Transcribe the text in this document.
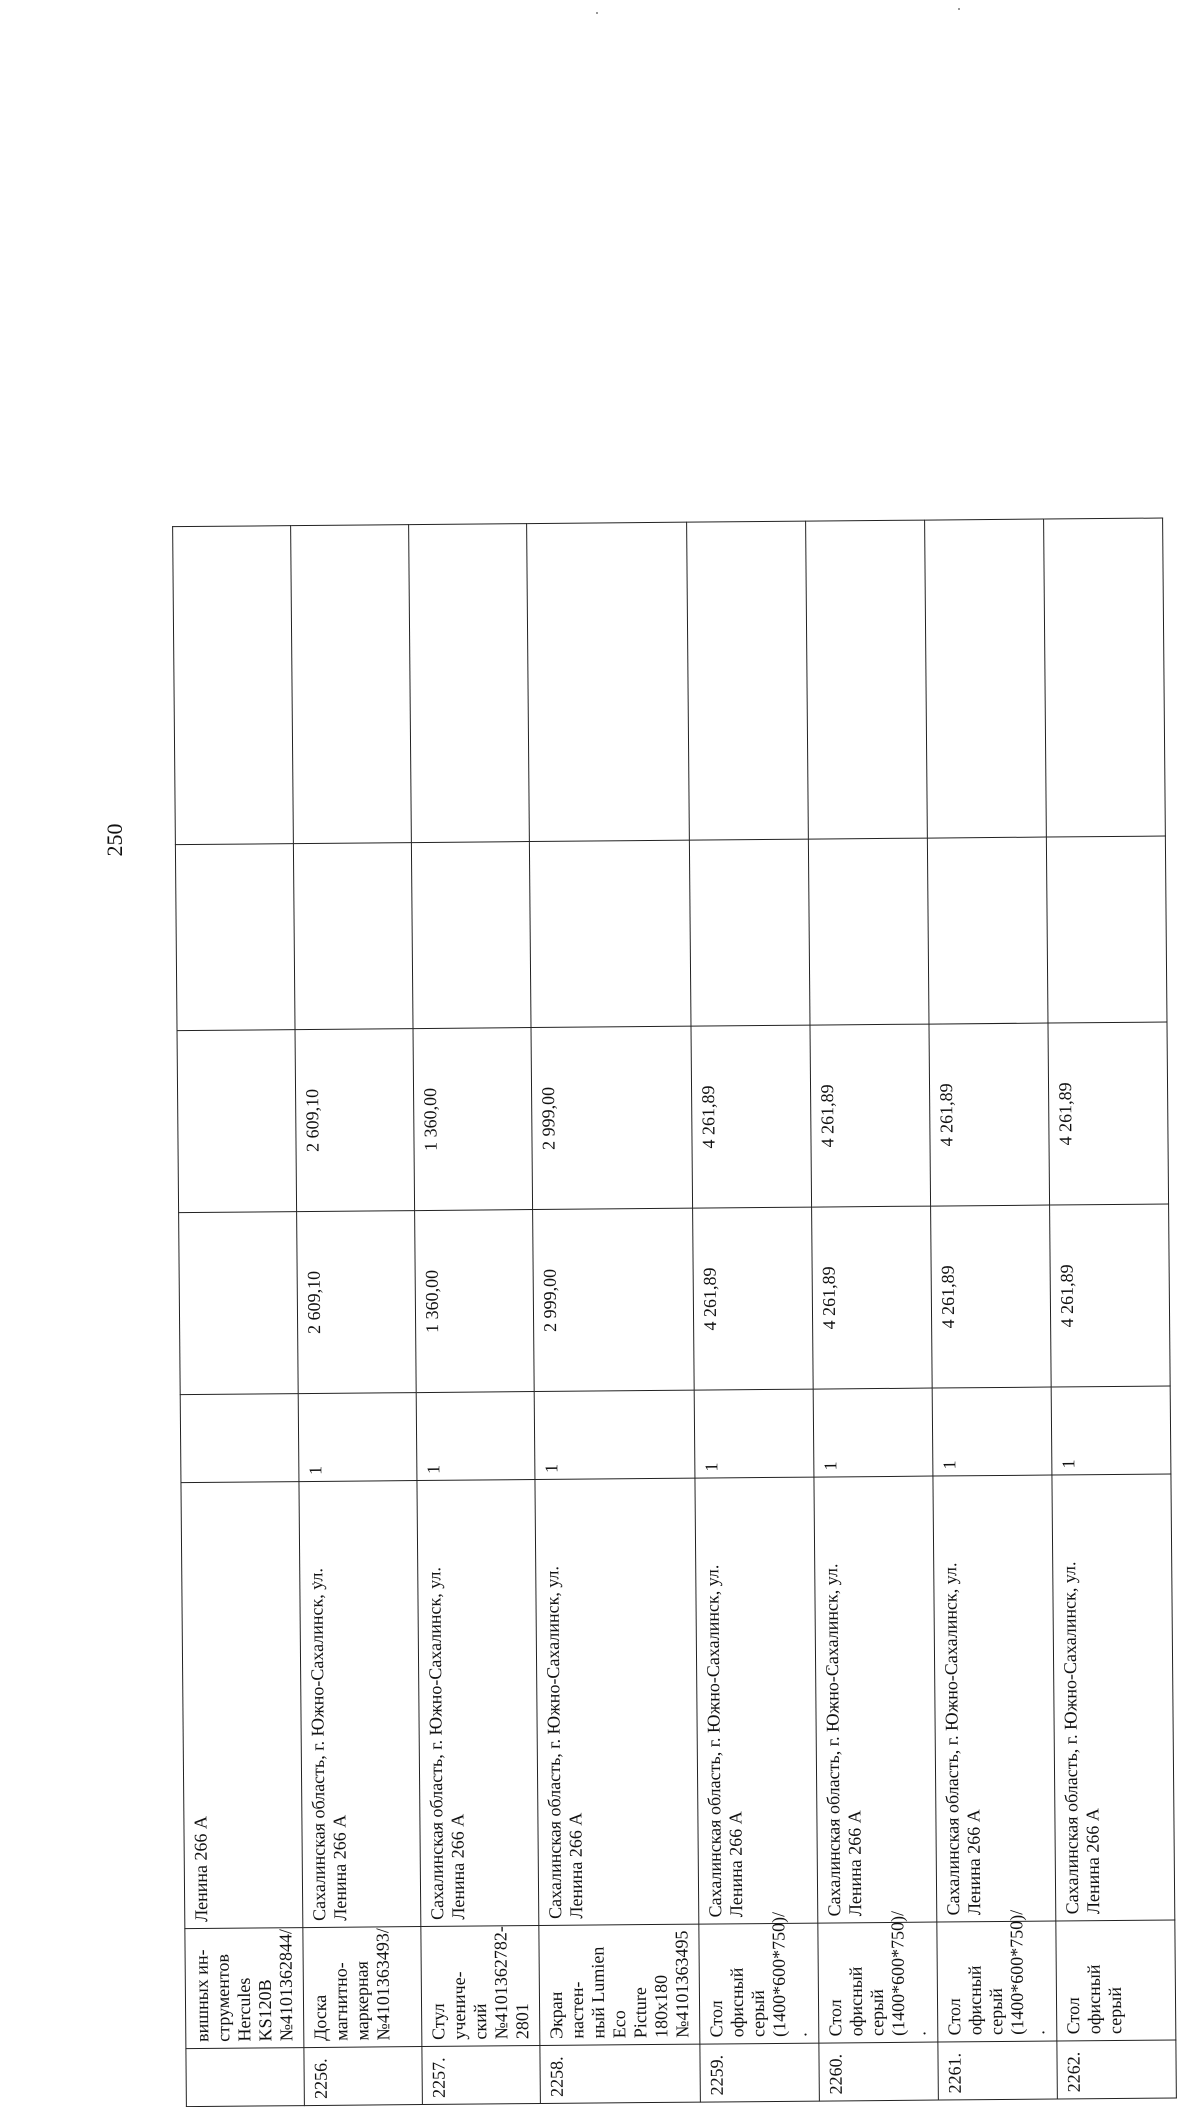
250
	вишных ин-
струментов
Hercules
KS120B
№4101362844/	Ленина 266 А					
2256.	Доска магнитно-
маркерная
№4101363493/	Сахалинская область, г. Южно-Сахалинск, ул.
Ленина 266 А	1	2 609,10	2 609,10		
2257.	Стул учениче-
ский
№4101362782-
2801	Сахалинская область, г. Южно-Сахалинск, ул.
Ленина 266 А	1	1 360,00	1 360,00		
2258.	Экран настен-
ный Lumien Eco
Picture 180x180
№4101363495	Сахалинская область, г. Южно-Сахалинск, ул.
Ленина 266 А	1	2 999,00	2 999,00		
2259.	Стол офисный
серый
(1400*600*750)/
.	Сахалинская область, г. Южно-Сахалинск, ул.
Ленина 266 А	1	4 261,89	4 261,89		
2260.	Стол офисный
серый
(1400*600*750)/
.	Сахалинская область, г. Южно-Сахалинск, ул.
Ленина 266 А	1	4 261,89	4 261,89		
2261.	Стол офисный
серый
(1400*600*750)/
.	Сахалинская область, г. Южно-Сахалинск, ул.
Ленина 266 А	1	4 261,89	4 261,89		
2262.	Стол офисный
серый	Сахалинская область, г. Южно-Сахалинск, ул.
Ленина 266 А	1	4 261,89	4 261,89		
